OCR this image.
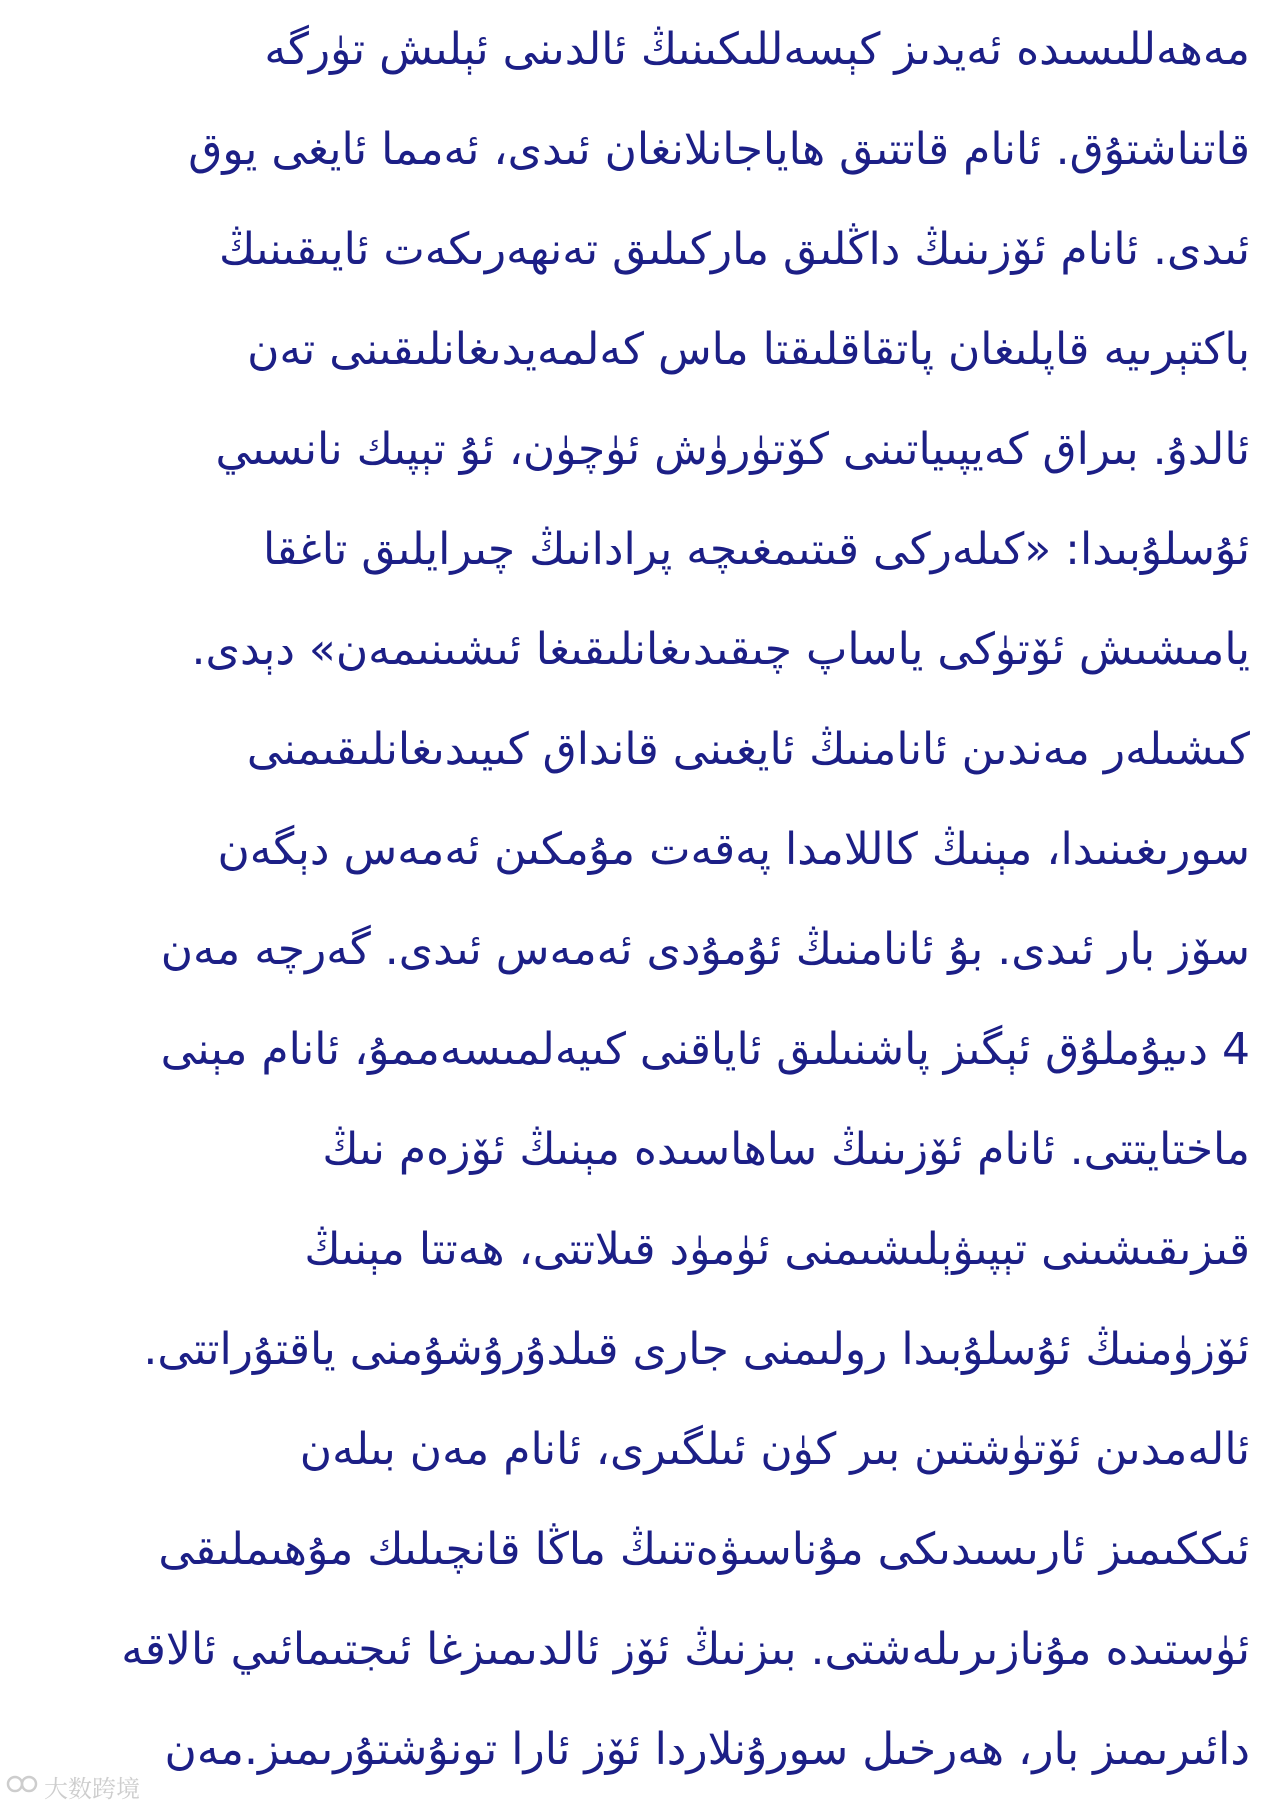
مەھەللىسىدە ئەيدىز كېسەللىكىنىڭ ئالدىنى ئېلىش تۈرگە
قاتناشتۇق. ئانام قاتتىق ھاياجانلانغان ئىدى، ئەمما ئايغى يوق
ئىدى. ئانام ئۆزىنىڭ داڭلىق ماركىلىق تەنھەرىكەت ئايىقىنىڭ
باكتېرىيە قاپلىغان پاتقاقلىقتا ماس كەلمەيدىغانلىقىنى تەن
ئالدۇ. بىراق كەيپىياتىنى كۆتۈرۈش ئۈچۈن، ئۇ تېپىك نانسىي
ئۇسلۇبىدا: «كىلەركى قىتىمغىچە پرادانىڭ چىرايلىق تاغقا
يامىشىش ئۆتۈكى ياساپ چىقىدىغانلىقىغا ئىشىنىمەن» دېدى.
كىشىلەر مەندىن ئانامنىڭ ئايغىنى قانداق كىيىدىغانلىقىمنى
سورىغىنىدا، مېنىڭ كاللامدا پەقەت مۇمكىن ئەمەس دېگەن
سۆز بار ئىدى. بۇ ئانامنىڭ ئۇمۇدى ئەمەس ئىدى. گەرچە مەن
4 دىيۇملۇق ئېگىز پاشنىلىق ئاياقنى كىيەلمىسەممۇ، ئانام مېنى
ماختايتتى. ئانام ئۆزىنىڭ ساھاسىدە مېنىڭ ئۆزەم نىڭ
قىزىقىشىنى تېپىۋېلىشىمنى ئۈمۈد قىلاتتى، ھەتتا مېنىڭ
ئۆزۈمنىڭ ئۇسلۇبىدا رولىمنى جارى قىلدۇرۇشۇمنى ياقتۇراتتى.
ئالەمدىن ئۆتۈشتىن بىر كۈن ئىلگىرى، ئانام مەن بىلەن
ئىككىمىز ئارىسىدىكى مۇناسىۋەتنىڭ ماڭا قانچىلىك مۇھىملىقى
ئۈستىدە مۇنازىرىلەشتى. بىزنىڭ ئۆز ئالدىمىزغا ئىجتىمائىي ئالاقە
دائىرىمىز بار، ھەرخىل سورۇنلاردا ئۆز ئارا تونۇشتۇرىمىز.مەن
大数跨境
